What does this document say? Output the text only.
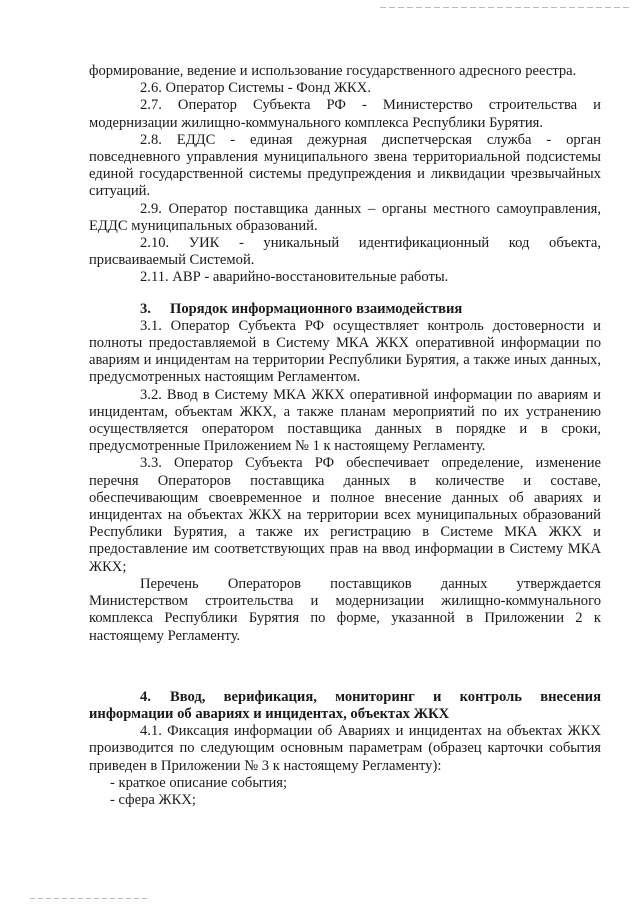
формирование, ведение и использование государственного адресного реестра.

2.6. Оператор Системы - Фонд ЖКХ.

2.7. Оператор Субъекта РФ - Министерство строительства и модернизации жилищно-коммунального комплекса Республики Бурятия.

2.8. ЕДДС - единая дежурная диспетчерская служба - орган повседневного управления муниципального звена территориальной подсистемы единой государственной системы предупреждения и ликвидации чрезвычайных ситуаций.

2.9. Оператор поставщика данных – органы местного самоуправления, ЕДДС муниципальных образований.

2.10. УИК - уникальный идентификационный код объекта, присваиваемый Системой.

2.11. АВР - аварийно-восстановительные работы.

3. Порядок информационного взаимодействия

3.1. Оператор Субъекта РФ осуществляет контроль достоверности и полноты предоставляемой в Систему МКА ЖКХ оперативной информации по авариям и инцидентам на территории Республики Бурятия, а также иных данных, предусмотренных настоящим Регламентом.

3.2. Ввод в Систему МКА ЖКХ оперативной информации по авариям и инцидентам, объектам ЖКХ, а также планам мероприятий по их устранению осуществляется оператором поставщика данных в порядке и в сроки, предусмотренные Приложением № 1 к настоящему Регламенту.

3.3. Оператор Субъекта РФ обеспечивает определение, изменение перечня Операторов поставщика данных в количестве и составе, обеспечивающим своевременное и полное внесение данных об авариях и инцидентах на объектах ЖКХ на территории всех муниципальных образований Республики Бурятия, а также их регистрацию в Системе МКА ЖКХ и предоставление им соответствующих прав на ввод информации в Систему МКА ЖКХ;

Перечень Операторов поставщиков данных утверждается Министерством строительства и модернизации жилищно-коммунального комплекса Республики Бурятия по форме, указанной в Приложении 2 к настоящему Регламенту.

4. Ввод, верификация, мониторинг и контроль внесения информации об авариях и инцидентах, объектах ЖКХ

4.1. Фиксация информации об Авариях и инцидентах на объектах ЖКХ производится по следующим основным параметрам (образец карточки события приведен в Приложении № 3 к настоящему Регламенту):

- краткое описание события;

- сфера ЖКХ;
